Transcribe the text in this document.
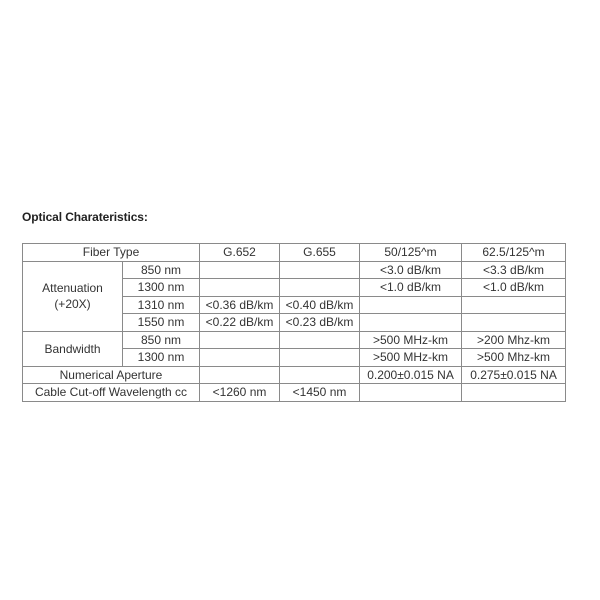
Optical Charateristics:
Fiber Type		G.652	G.655	50/125^m	62.5/125^m
Attenuation
(+20X)	850 nm			<3.0 dB/km	<3.3 dB/km
	1300 nm			<1.0 dB/km	<1.0 dB/km
	1310 nm	<0.36 dB/km	<0.40 dB/km		
	1550 nm	<0.22 dB/km	<0.23 dB/km		
Bandwidth	850 nm			>500 MHz-km	>200 Mhz-km
	1300 nm			>500 MHz-km	>500 Mhz-km
Numerical Aperture				0.200±0.015 NA	0.275±0.015 NA
Cable Cut-off Wavelength cc		<1260 nm	<1450 nm		
